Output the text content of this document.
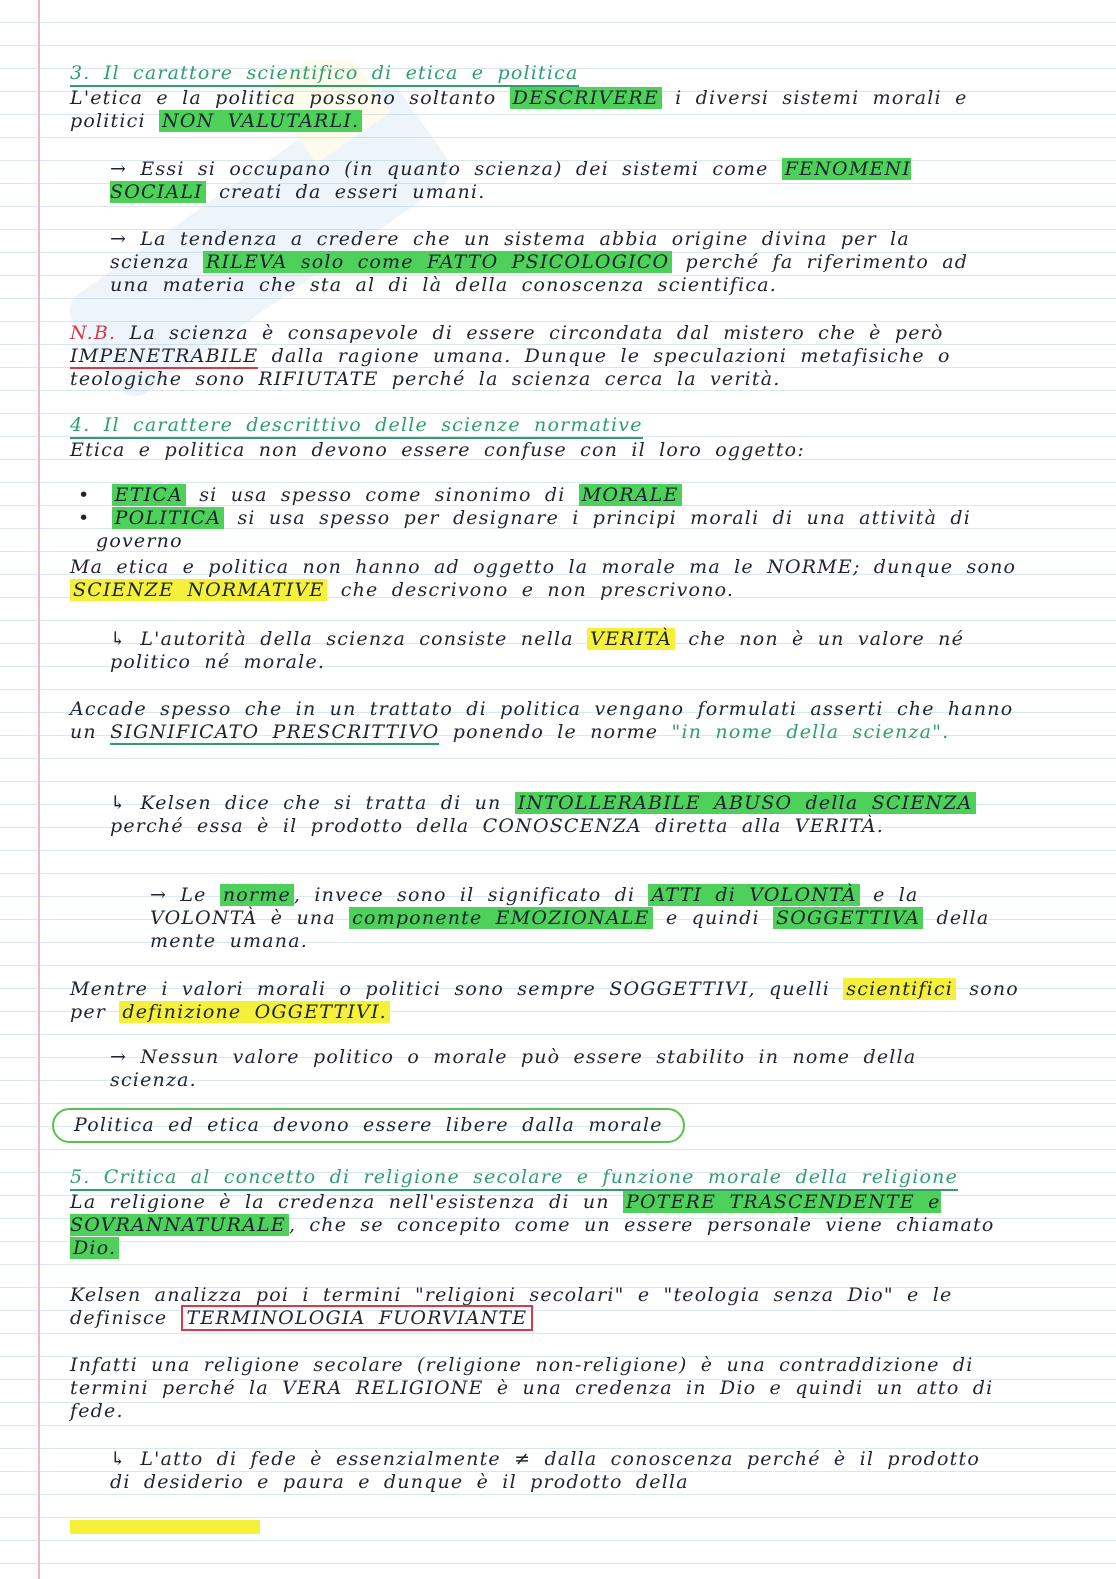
3. Il carattore scientifico di etica e politica
L'etica e la politica possono soltanto DESCRIVERE i diversi sistemi morali e politici NON VALUTARLI.
→ Essi si occupano (in quanto scienza) dei sistemi come FENOMENI SOCIALI creati da esseri umani.
→ La tendenza a credere che un sistema abbia origine divina per la scienza RILEVA solo come FATTO PSICOLOGICO perché fa riferimento ad una materia che sta al di là della conoscenza scientifica.
N.B. La scienza è consapevole di essere circondata dal mistero che è però IMPENETRABILE dalla ragione umana. Dunque le speculazioni metafisiche o teologiche sono RIFIUTATE perché la scienza cerca la verità.
4. Il carattere descrittivo delle scienze normative
Etica e politica non devono essere confuse con il loro oggetto:
• ETICA si usa spesso come sinonimo di MORALE
• POLITICA si usa spesso per designare i principi morali di una attività di governo
Ma etica e politica non hanno ad oggetto la morale ma le NORME; dunque sono SCIENZE NORMATIVE che descrivono e non prescrivono.
↳ L'autorità della scienza consiste nella VERITÀ che non è un valore né politico né morale.
Accade spesso che in un trattato di politica vengano formulati asserti che hanno un SIGNIFICATO PRESCRITTIVO ponendo le norme "in nome della scienza".
↳ Kelsen dice che si tratta di un INTOLLERABILE ABUSO della SCIENZA perché essa è il prodotto della CONOSCENZA diretta alla VERITÀ.
→ Le norme , invece sono il significato di ATTI di VOLONTÀ e la VOLONTÀ è una componente EMOZIONALE e quindi SOGGETTIVA della mente umana.
Mentre i valori morali o politici sono sempre SOGGETTIVI, quelli scientifici sono per definizione OGGETTIVI.
→ Nessun valore politico o morale può essere stabilito in nome della scienza.
Politica ed etica devono essere libere dalla morale
5. Critica al concetto di religione secolare e funzione morale della religione
La religione è la credenza nell'esistenza di un POTERE TRASCENDENTE e SOVRANNATURALE , che se concepito come un essere personale viene chiamato Dio.
Kelsen analizza poi i termini "religioni secolari" e "teologia senza Dio" e le definisce TERMINOLOGIA FUORVIANTE
Infatti una religione secolare (religione non-religione) è una contraddizione di termini perché la VERA RELIGIONE è una credenza in Dio e quindi un atto di fede.
↳ L'atto di fede è essenzialmente ≠ dalla conoscenza perché è il prodotto di desiderio e paura e dunque è il prodotto della
